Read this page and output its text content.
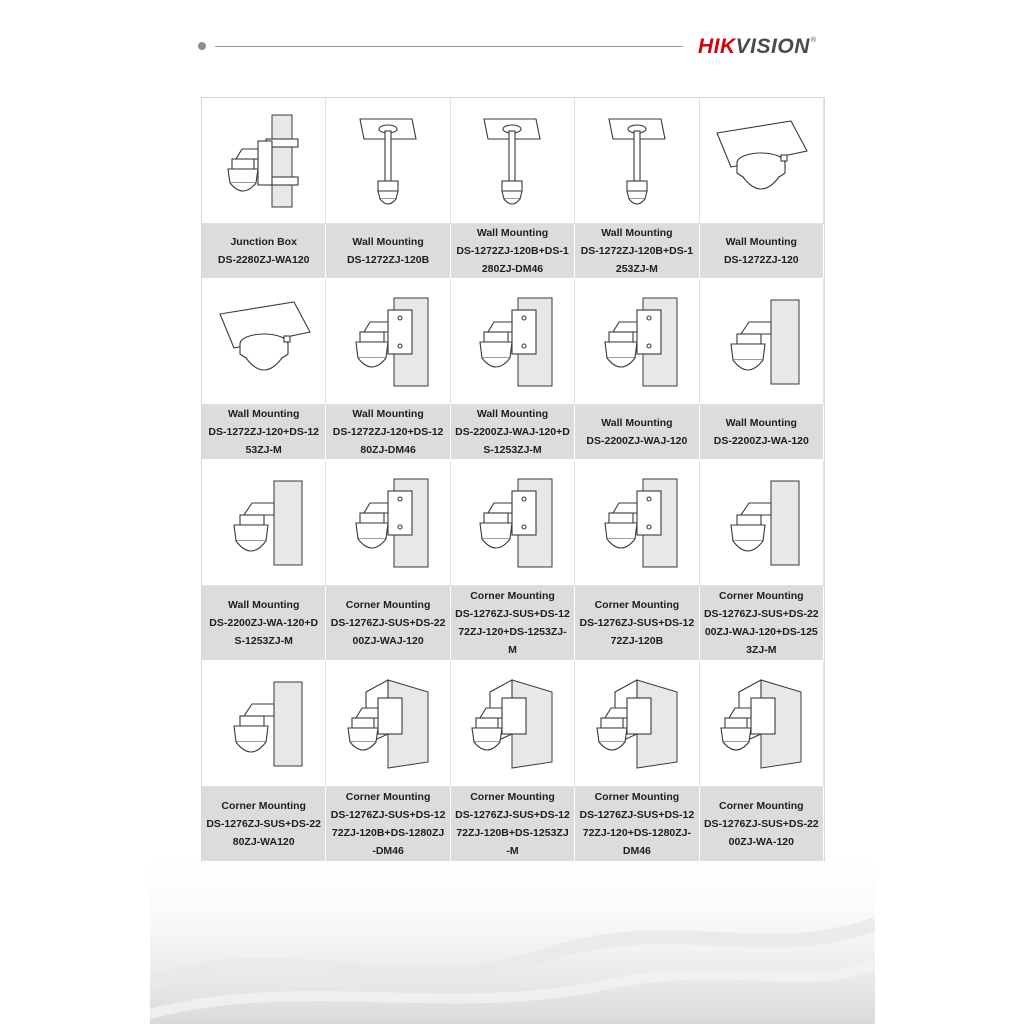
HIK VISION ®
Junction Box
DS-2280ZJ-WA120
Wall Mounting
DS-1272ZJ-120B
Wall Mounting
DS-1272ZJ-120B+DS-1280ZJ-DM46
Wall Mounting
DS-1272ZJ-120B+DS-1253ZJ-M
Wall Mounting
DS-1272ZJ-120
Wall Mounting
DS-1272ZJ-120+DS-1253ZJ-M
Wall Mounting
DS-1272ZJ-120+DS-1280ZJ-DM46
Wall Mounting
DS-2200ZJ-WAJ-120+DS-1253ZJ-M
Wall Mounting
DS-2200ZJ-WAJ-120
Wall Mounting
DS-2200ZJ-WA-120
Wall Mounting
DS-2200ZJ-WA-120+DS-1253ZJ-M
Corner Mounting
DS-1276ZJ-SUS+DS-2200ZJ-WAJ-120
Corner Mounting
DS-1276ZJ-SUS+DS-1272ZJ-120+DS-1253ZJ-M
Corner Mounting
DS-1276ZJ-SUS+DS-1272ZJ-120B
Corner Mounting
DS-1276ZJ-SUS+DS-2200ZJ-WAJ-120+DS-1253ZJ-M
Corner Mounting
DS-1276ZJ-SUS+DS-2280ZJ-WA120
Corner Mounting
DS-1276ZJ-SUS+DS-1272ZJ-120B+DS-1280ZJ-DM46
Corner Mounting
DS-1276ZJ-SUS+DS-1272ZJ-120B+DS-1253ZJ-M
Corner Mounting
DS-1276ZJ-SUS+DS-1272ZJ-120+DS-1280ZJ-DM46
Corner Mounting
DS-1276ZJ-SUS+DS-2200ZJ-WA-120
